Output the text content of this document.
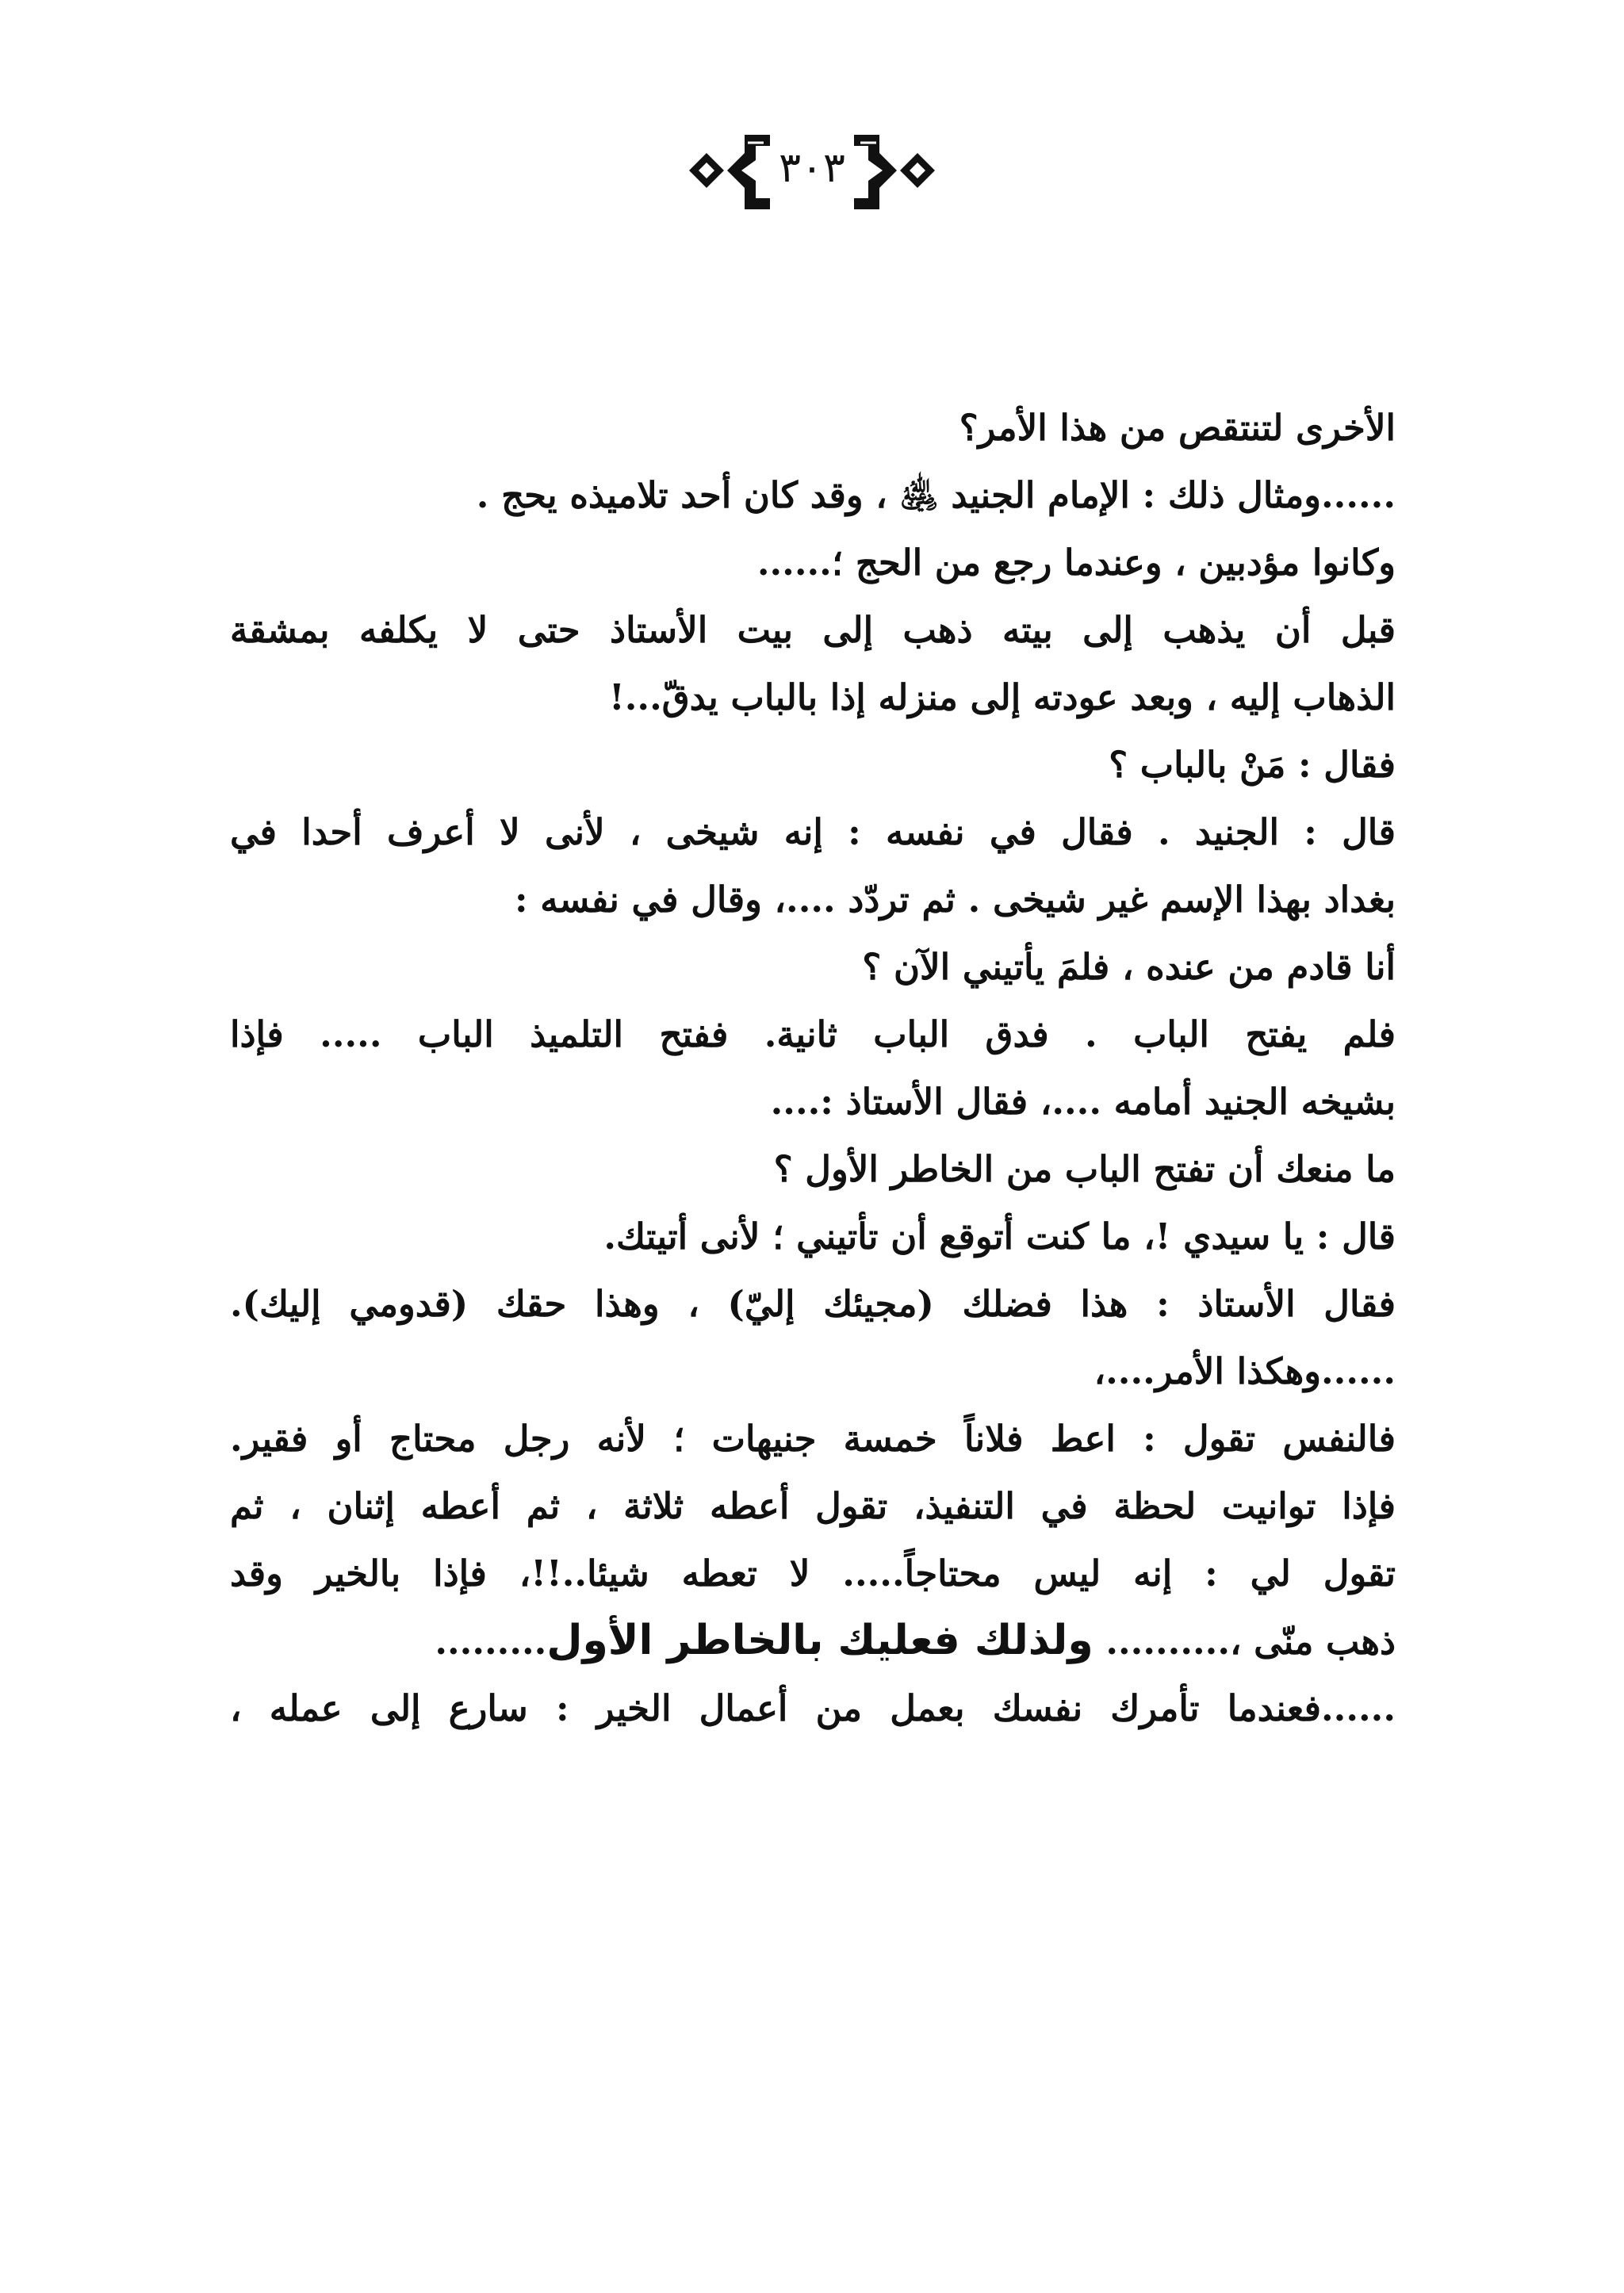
٣٠٣
الأخرى لتنتقص من هذا الأمر؟
......ومثال ذلك : الإمام الجنيد ﵁ ، وقد كان أحد تلاميذه يحج .
وكانوا مؤدبين ، وعندما رجع من الحج ؛......
قبل أن يذهب إلى بيته ذهب إلى بيت الأستاذ حتى لا يكلفه بمشقة
الذهاب إليه ، وبعد عودته إلى منزله إذا بالباب يدقّ...!
فقال : مَنْ بالباب ؟
قال : الجنيد . فقال في نفسه : إنه شيخى ، لأنى لا أعرف أحدا في
بغداد بهذا الإسم غير شيخى . ثم تردّد ....، وقال في نفسه :
أنا قادم من عنده ، فلمَ يأتيني الآن ؟
فلم يفتح الباب . فدق الباب ثانية. ففتح التلميذ الباب ..... فإذا
بشيخه الجنيد أمامه ....، فقال الأستاذ :....
ما منعك أن تفتح الباب من الخاطر الأول ؟
قال : يا سيدي !، ما كنت أتوقع أن تأتيني ؛ لأنى أتيتك.
فقال الأستاذ : هذا فضلك (مجيئك إليّ) ، وهذا حقك (قدومي إليك).
......وهكذا الأمر....،
فالنفس تقول : اعط فلاناً خمسة جنيهات ؛ لأنه رجل محتاج أو فقير.
فإذا توانيت لحظة في التنفيذ، تقول أعطه ثلاثة ، ثم أعطه إثنان ، ثم
تقول لي : إنه ليس محتاجاً..... لا تعطه شيئا..!!، فإذا بالخير وقد
ذهب منّى ،.......... ولذلك فعليك بالخاطر الأول.........
......فعندما تأمرك نفسك بعمل من أعمال الخير : سارع إلى عمله ،
